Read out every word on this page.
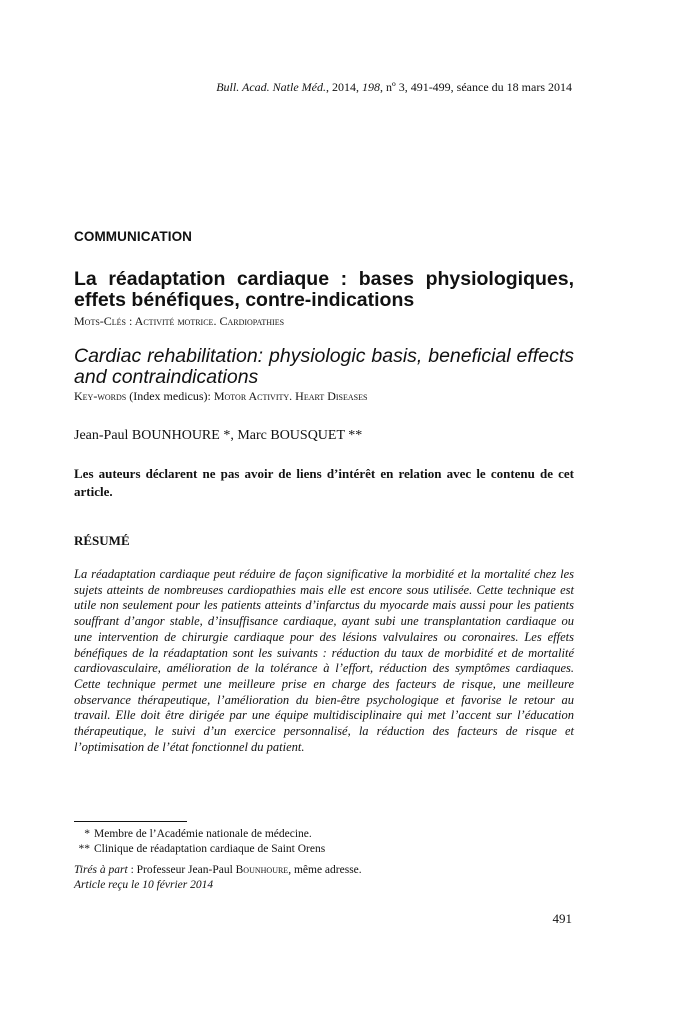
Bull. Acad. Natle Méd., 2014, 198, nº 3, 491-499, séance du 18 mars 2014
COMMUNICATION
La réadaptation cardiaque : bases physiologiques, effets bénéfiques, contre-indications
Mots-Clés : Activité motrice. Cardiopathies
Cardiac rehabilitation: physiologic basis, beneficial effects and contraindications
Key-words (Index medicus): Motor Activity. Heart Diseases
Jean-Paul BOUNHOURE *, Marc BOUSQUET **
Les auteurs déclarent ne pas avoir de liens d’intérêt en relation avec le contenu de cet article.
RÉSUMÉ

La réadaptation cardiaque peut réduire de façon significative la morbidité et la mortalité chez les sujets atteints de nombreuses cardiopathies mais elle est encore sous utilisée. Cette technique est utile non seulement pour les patients atteints d’infarctus du myocarde mais aussi pour les patients souffrant d’angor stable, d’insuffisance cardiaque, ayant subi une transplantation cardiaque ou une intervention de chirurgie cardiaque pour des lésions valvulaires ou coronaires. Les effets bénéfiques de la réadaptation sont les suivants : réduction du taux de morbidité et de mortalité cardiovasculaire, amélioration de la tolérance à l’effort, réduction des symptômes cardiaques. Cette technique permet une meilleure prise en charge des facteurs de risque, une meilleure observance thérapeutique, l’amélioration du bien-être psychologique et favorise le retour au travail. Elle doit être dirigée par une équipe multidisciplinaire qui met l’accent sur l’éducation thérapeutique, le suivi d’un exercice personnalisé, la réduction des facteurs de risque et l’optimisation de l’état fonctionnel du patient.

* Membre de l’Académie nationale de médecine.
** Clinique de réadaptation cardiaque de Saint Orens
Tirés à part : Professeur Jean-Paul Bounhoure, même adresse.
Article reçu le 10 février 2014
491
